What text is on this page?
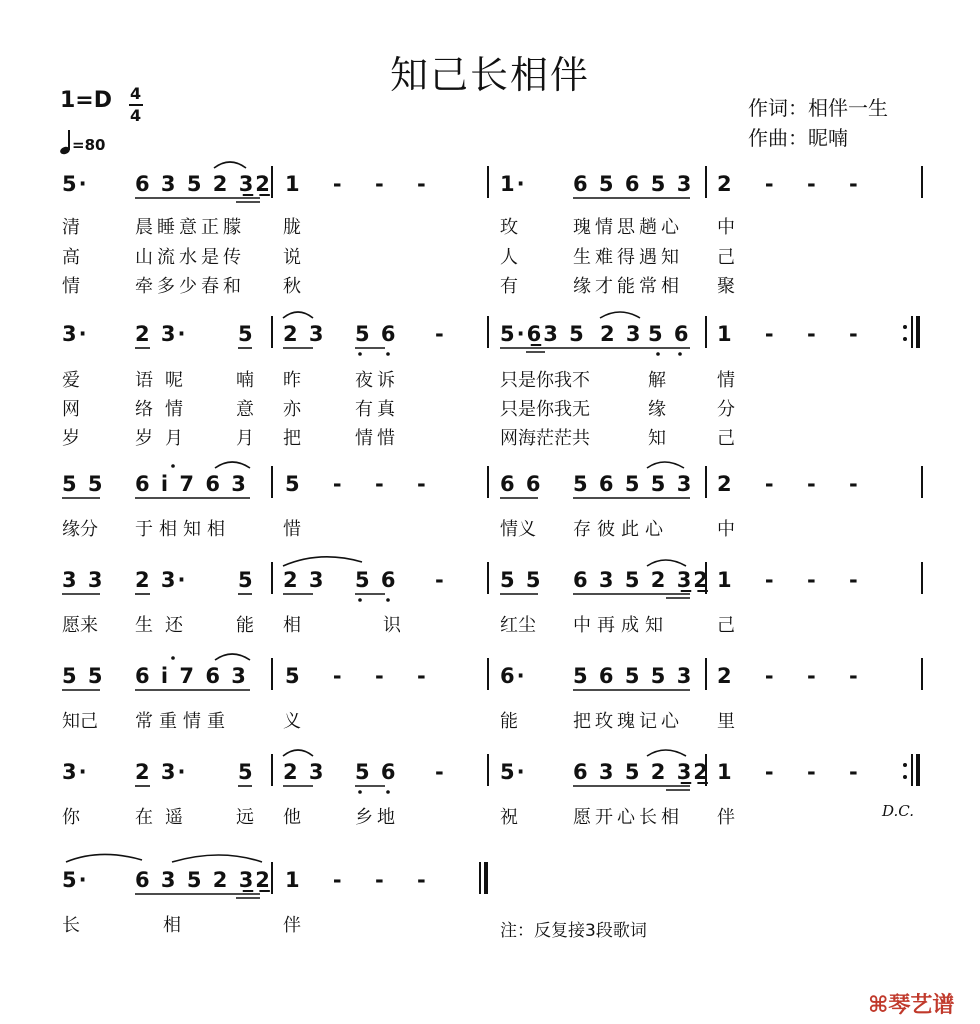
知己长相伴
1=D 4
4
=80
作词：相伴一生
作曲：昵喃
5· 6 3 5 2 3̲2̲ 1 - - -	1· 6 5 6 5 3 2 - - -
清	晨睡意正朦 胧	玫	瑰情思趟心 中
高	山流水是传 说	人	生难得遇知 己
情	牵多少春和 秋	有	缘才能常相 聚
3· 2 3· 5 2 3 5 6 -	5·6̲3 5 2 3 5 6 1 - - -
爱	语呢 喃 昨	夜诉	只是你我不	解	情
网	络情 意 亦	有真	只是你我无	缘	分
岁	岁月 月 把	情惜	网海茫茫共	知	己
5 5 6 i 7 6 3 5 - - -	6 6 5 6 5 5 3 2 - - -
缘分 于相知相	惜	情义 存彼此心	中
3 3 2 3· 5 2 3 5 6 -	5 5 6 3 5 2 3̲2̲ 1 - - -
愿来 生还 能 相	识	红尘 中再成知	己
5 5 6 i 7 6 3 5 - - -	6· 5 6 5 5 3 2 - - -
知己 常重情重	义	能	把玫瑰记心 里
3· 2 3· 5 2 3 5 6 -	5· 6 3 5 2 3̲2̲ 1 - - -
你	在遥 远 他	乡地	祝	愿开心长相 伴	D.C.
5· 6 3 5 2 3̲2̲ 1 - - -
长	相	伴	注：反复接3段歌词
⌘琴艺谱
